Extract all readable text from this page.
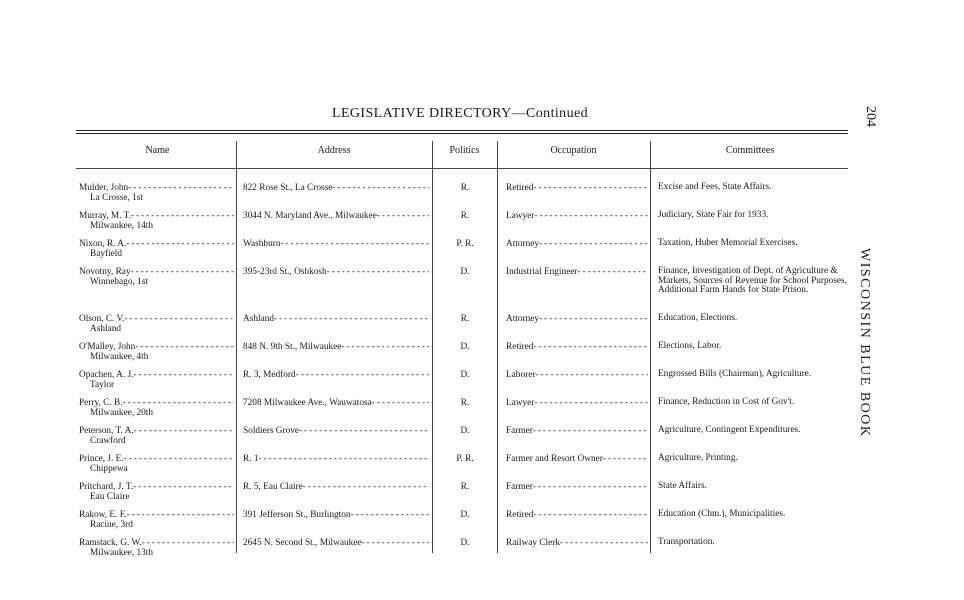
LEGISLATIVE DIRECTORY—Continued	204
WISCONSIN BLUE BOOK
Name	Address	Politics	Occupation	Committees
Mulder, John - - -	822 Rose St., La Crosse - - -	R.	Retired - - -	Excise and Fees, State Affairs.
La Crosse, 1st
Murray, M. T. - - -	3044 N. Maryland Ave., Milwaukee - - -	R.	Lawyer - - -	Judiciary, State Fair for 1933.
Milwaukee, 14th
Nixon, R. A. - - -	Washburn - - -	P. R.	Attorney - - -	Taxation, Huber Memorial Exercises.
Bayfield
Novotny, Ray - - -	395-23rd St., Oshkosh - - -	D.	Industrial Engineer - - -	Finance, Investigation of Dept. of Agriculture & Markets, Sources of Revenue for School Purposes, Additional Farm Hands for State Prison.
Winnebago, 1st
Olson, C. V. - - -	Ashland - - -	R.	Attorney - - -	Education, Elections.
Ashland
O'Malley, John - - -	848 N. 9th St., Milwaukee - - -	D.	Retired - - -	Elections, Labor.
Milwaukee, 4th
Opachen, A. J. - - -	R. 3, Medford - - -	D.	Laborer - - -	Engrossed Bills (Chairman), Agriculture.
Taylor
Perry, C. B. - - -	7208 Milwaukee Ave., Wauwatosa - - -	R.	Lawyer - - -	Finance, Reduction in Cost of Gov't.
Milwaukee, 20th
Peterson, T. A. - - -	Soldiers Grove - - -	D.	Farmer - - -	Agriculture, Contingent Expenditures.
Crawford
Prince, J. E. - - -	R. 1 - - -	P. R.	Farmer and Resort Owner - - -	Agriculture, Printing.
Chippewa
Pritchard, J. T. - - -	R. 5, Eau Claire - - -	R.	Farmer - - -	State Affairs.
Eau Claire
Rakow, E. F. - - -	391 Jefferson St., Burlington - - -	D.	Retired - - -	Education (Chm.), Municipalities.
Racine, 3rd
Ramstack, G. W. - - -	2645 N. Second St., Milwaukee - - -	D.	Railway Clerk - - -	Transportation.
Milwaukee, 13th
